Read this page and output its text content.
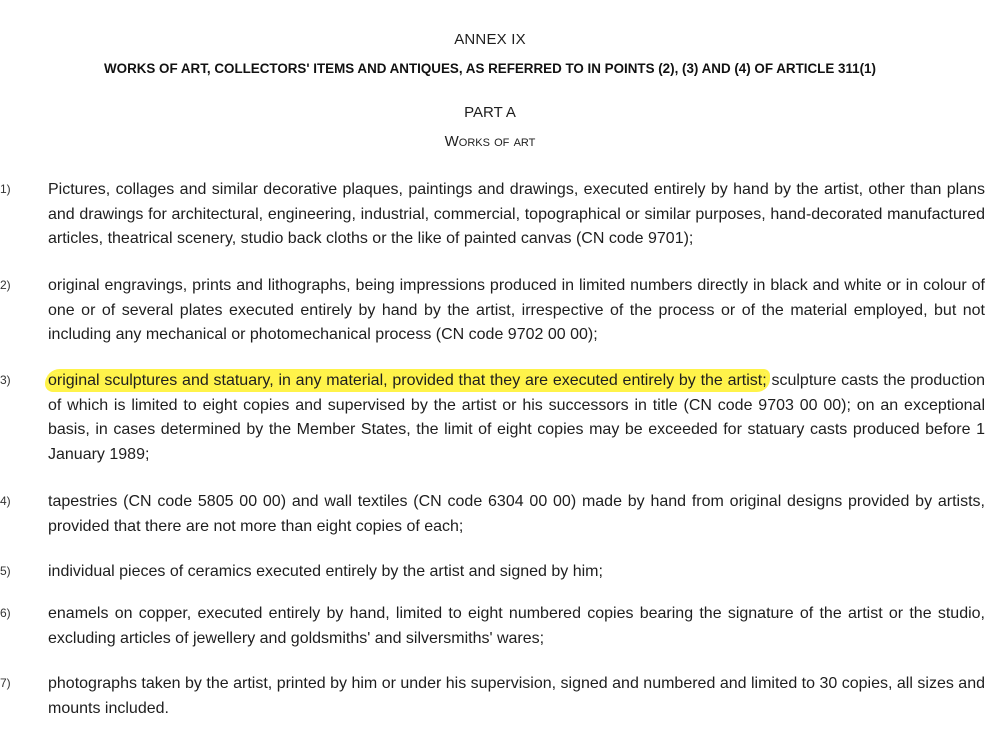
ANNEX IX
WORKS OF ART, COLLECTORS' ITEMS AND ANTIQUES, AS REFERRED TO IN POINTS (2), (3) AND (4) OF ARTICLE 311(1)
PART A
Works of art
1) Pictures, collages and similar decorative plaques, paintings and drawings, executed entirely by hand by the artist, other than plans and drawings for architectural, engineering, industrial, commercial, topographical or similar purposes, hand-decorated manufactured articles, theatrical scenery, studio back cloths or the like of painted canvas (CN code 9701);
2) original engravings, prints and lithographs, being impressions produced in limited numbers directly in black and white or in colour of one or of several plates executed entirely by hand by the artist, irrespective of the process or of the material employed, but not including any mechanical or photomechanical process (CN code 9702 00 00);
3) original sculptures and statuary, in any material, provided that they are executed entirely by the artist; sculpture casts the production of which is limited to eight copies and supervised by the artist or his successors in title (CN code 9703 00 00); on an exceptional basis, in cases determined by the Member States, the limit of eight copies may be exceeded for statuary casts produced before 1 January 1989;
4) tapestries (CN code 5805 00 00) and wall textiles (CN code 6304 00 00) made by hand from original designs provided by artists, provided that there are not more than eight copies of each;
5) individual pieces of ceramics executed entirely by the artist and signed by him;
6) enamels on copper, executed entirely by hand, limited to eight numbered copies bearing the signature of the artist or the studio, excluding articles of jewellery and goldsmiths' and silversmiths' wares;
7) photographs taken by the artist, printed by him or under his supervision, signed and numbered and limited to 30 copies, all sizes and mounts included.
